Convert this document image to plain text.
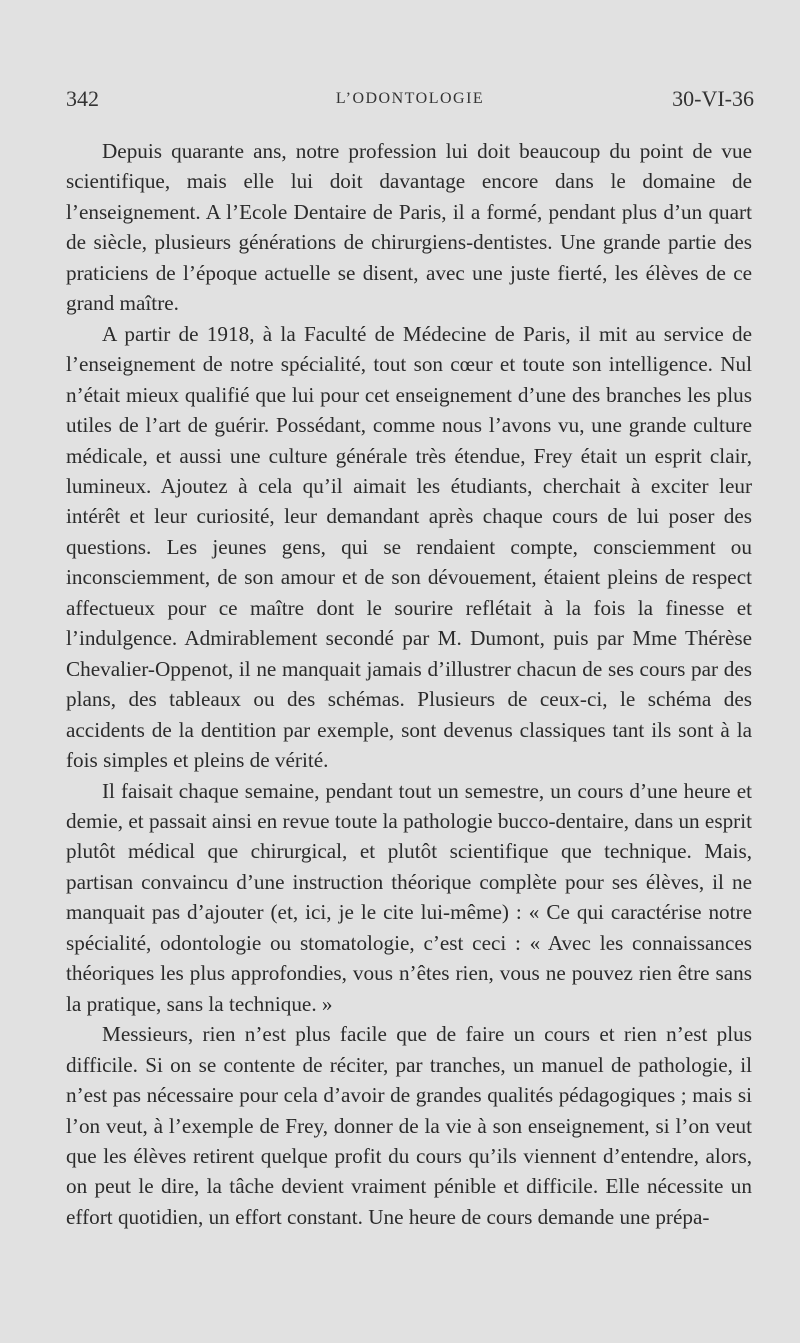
342	L’ODONTOLOGIE	30-VI-36

Depuis quarante ans, notre profession lui doit beaucoup du point de vue scientifique, mais elle lui doit davantage encore dans le domaine de l’enseignement. A l’Ecole Dentaire de Paris, il a formé, pendant plus d’un quart de siècle, plusieurs générations de chirurgiens-dentistes. Une grande partie des praticiens de l’époque actuelle se disent, avec une juste fierté, les élèves de ce grand maître.

A partir de 1918, à la Faculté de Médecine de Paris, il mit au service de l’enseignement de notre spécialité, tout son cœur et toute son intelligence. Nul n’était mieux qualifié que lui pour cet enseignement d’une des branches les plus utiles de l’art de guérir. Possédant, comme nous l’avons vu, une grande culture médicale, et aussi une culture générale très étendue, Frey était un esprit clair, lumineux. Ajoutez à cela qu’il aimait les étudiants, cherchait à exciter leur intérêt et leur curiosité, leur demandant après chaque cours de lui poser des questions. Les jeunes gens, qui se rendaient compte, consciemment ou inconsciemment, de son amour et de son dévouement, étaient pleins de respect affectueux pour ce maître dont le sourire reflétait à la fois la finesse et l’indulgence. Admirablement secondé par M. Dumont, puis par Mme Thérèse Chevalier-Oppenot, il ne manquait jamais d’illustrer chacun de ses cours par des plans, des tableaux ou des schémas. Plusieurs de ceux-ci, le schéma des accidents de la dentition par exemple, sont devenus classiques tant ils sont à la fois simples et pleins de vérité.

Il faisait chaque semaine, pendant tout un semestre, un cours d’une heure et demie, et passait ainsi en revue toute la pathologie bucco-dentaire, dans un esprit plutôt médical que chirurgical, et plutôt scientifique que technique. Mais, partisan convaincu d’une instruction théorique complète pour ses élèves, il ne manquait pas d’ajouter (et, ici, je le cite lui-même) : « Ce qui caractérise notre spécialité, odontologie ou stomatologie, c’est ceci : « Avec les connaissances théoriques les plus approfondies, vous n’êtes rien, vous ne pouvez rien être sans la pratique, sans la technique. »

Messieurs, rien n’est plus facile que de faire un cours et rien n’est plus difficile. Si on se contente de réciter, par tranches, un manuel de pathologie, il n’est pas nécessaire pour cela d’avoir de grandes qualités pédagogiques ; mais si l’on veut, à l’exemple de Frey, donner de la vie à son enseignement, si l’on veut que les élèves retirent quelque profit du cours qu’ils viennent d’entendre, alors, on peut le dire, la tâche devient vraiment pénible et difficile. Elle nécessite un effort quotidien, un effort constant. Une heure de cours demande une prépa-
